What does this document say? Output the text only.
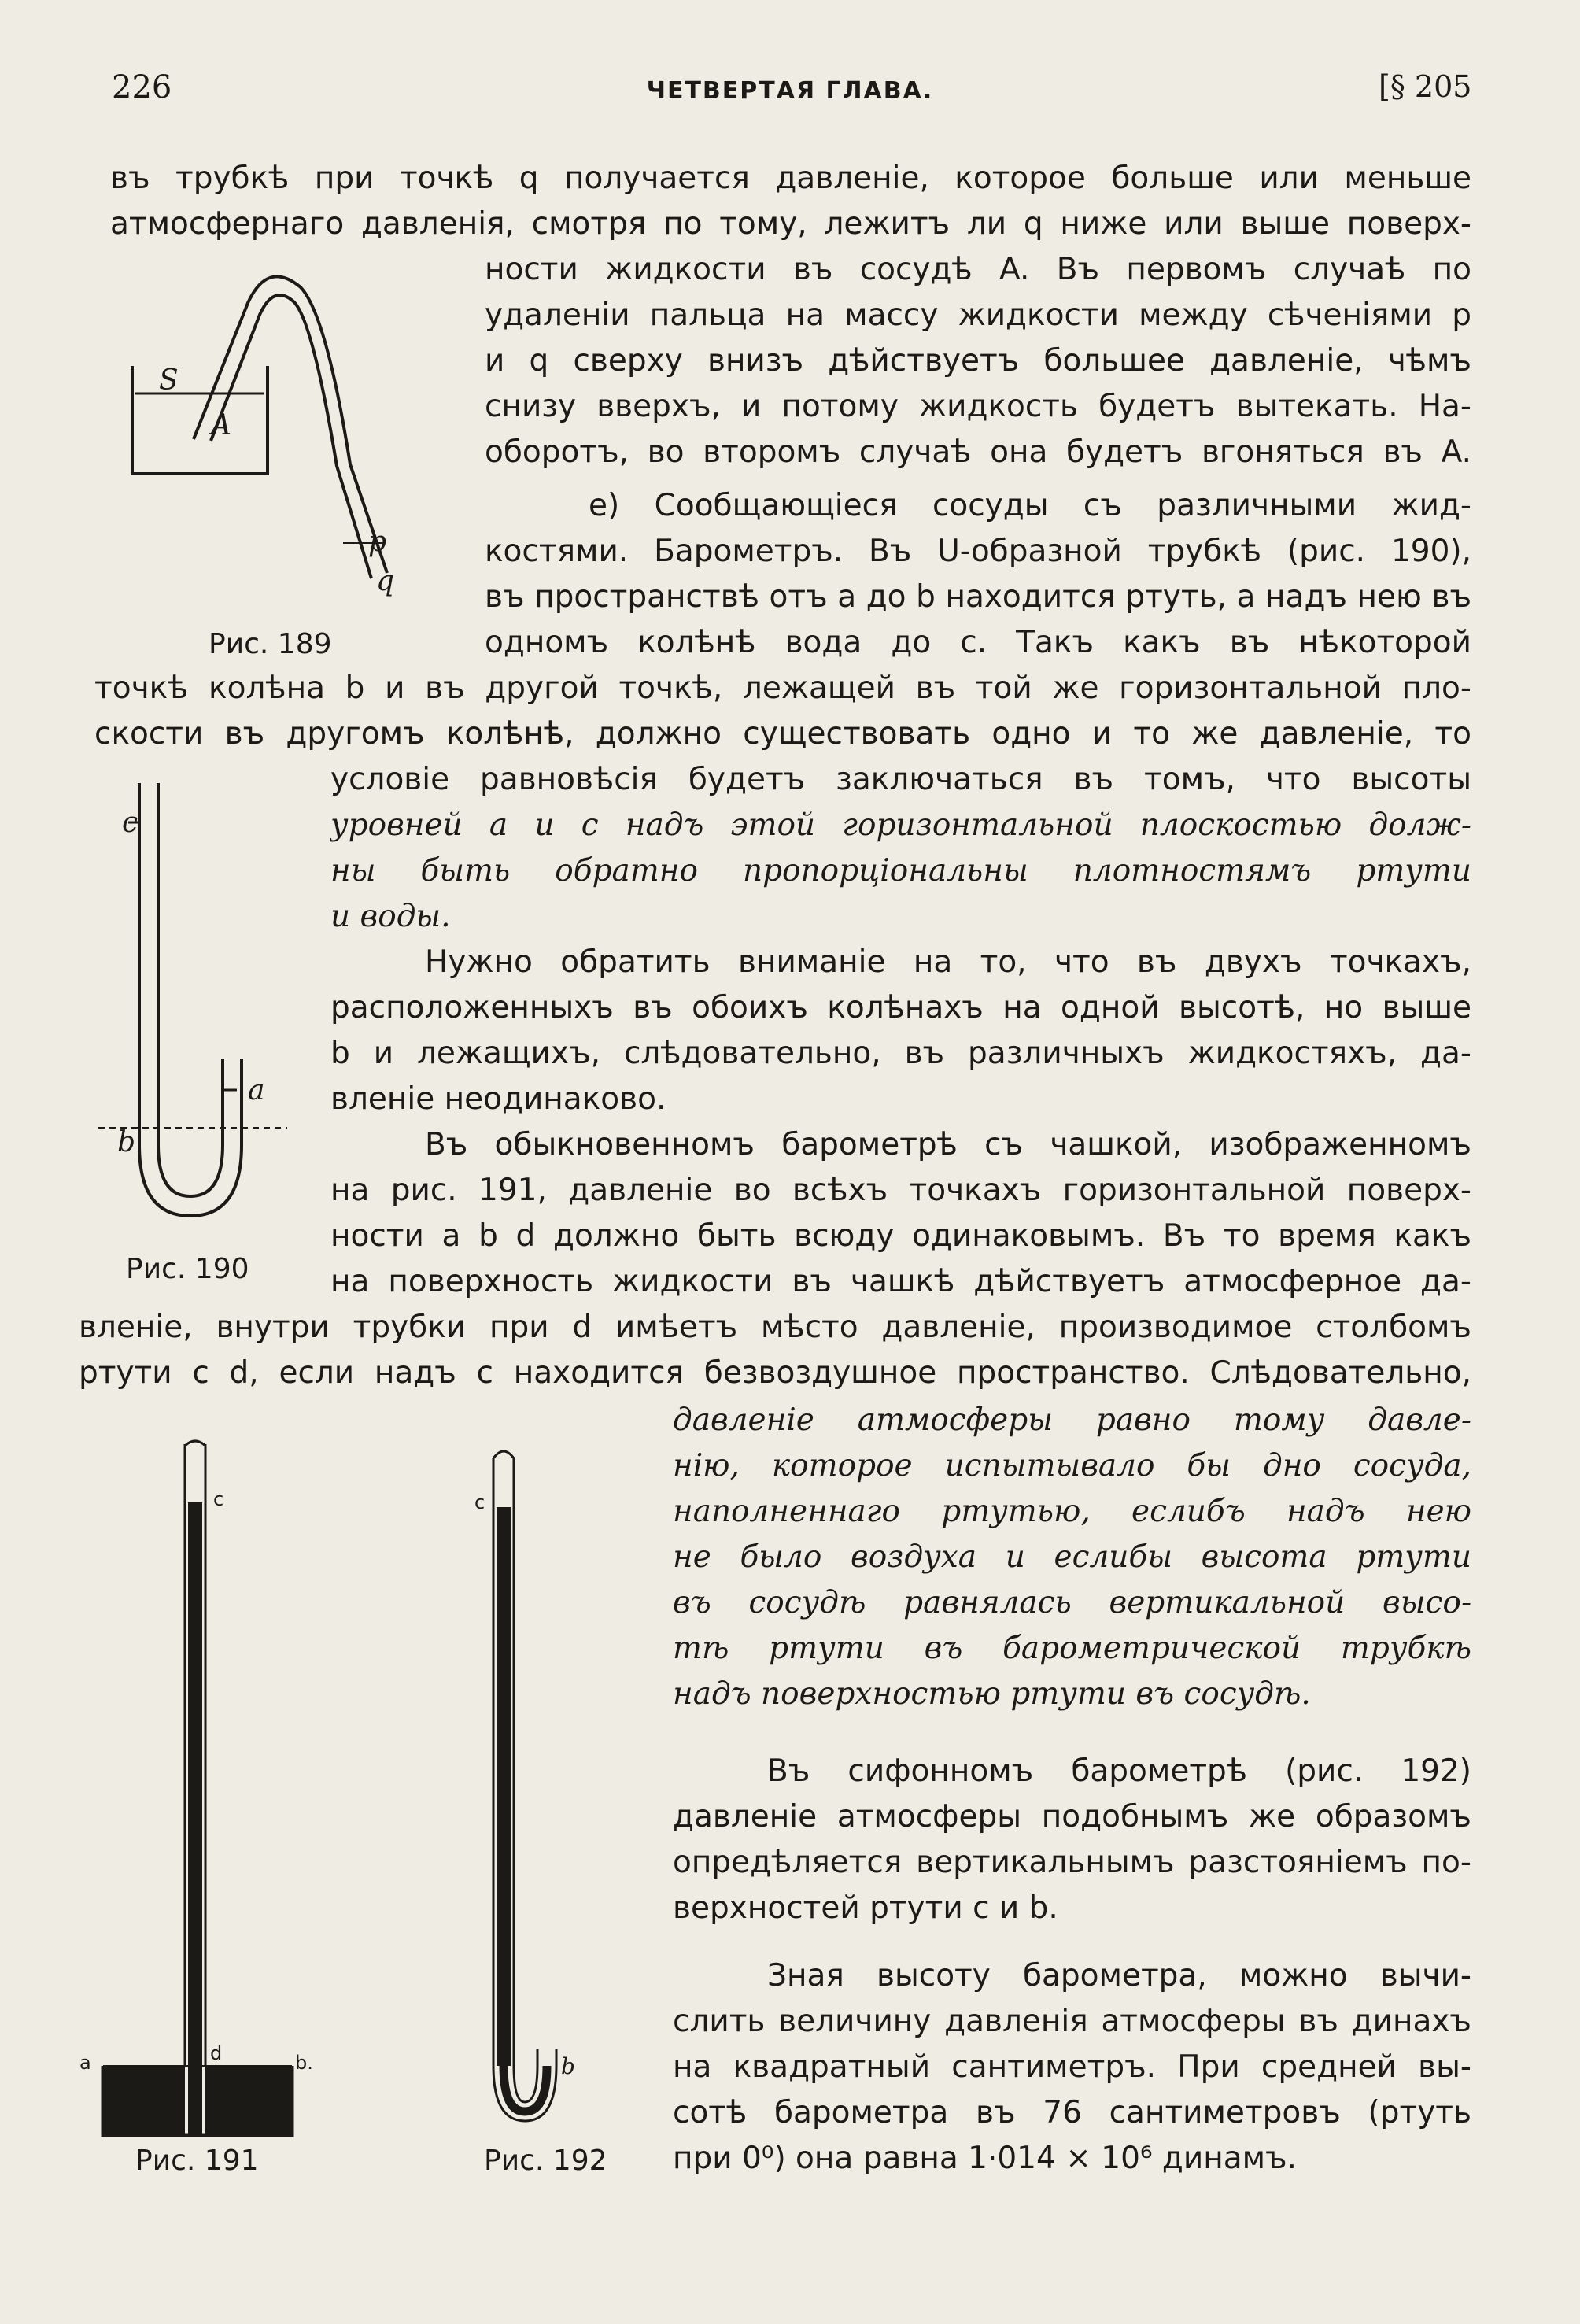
226	ЧЕТВЕРТАЯ ГЛАВА.	[§ 205
въ трубкѣ при точкѣ q получается давленіе, которое больше или меньше
атмосфернаго давленія, смотря по тому, лежитъ ли q ниже или выше поверх-
ности жидкости въ сосудѣ A. Въ первомъ случаѣ по
удаленіи пальца на массу жидкости между сѣченіями p
и q сверху внизъ дѣйствуетъ большее давленіе, чѣмъ
снизу вверхъ, и потому жидкость будетъ вытекать. На-
оборотъ, во второмъ случаѣ она будетъ вгоняться въ A.
е) Сообщающіеся сосуды съ различными жид-
костями. Барометръ. Въ U-образной трубкѣ (рис. 190),
въ пространствѣ отъ a до b находится ртуть, а надъ нею въ
одномъ колѣнѣ вода до c. Такъ какъ въ нѣкоторой
точкѣ колѣна b и въ другой точкѣ, лежащей въ той же горизонтальной пло-
скости въ другомъ колѣнѣ, должно существовать одно и то же давленіе, то
условіе равновѣсія будетъ заключаться въ томъ, что высоты
уровней a и c надъ этой горизонтальной плоскостью долж-
ны быть обратно пропорціональны плотностямъ ртути
и воды.
Нужно обратить вниманіе на то, что въ двухъ точкахъ,
расположенныхъ въ обоихъ колѣнахъ на одной высотѣ, но выше
b и лежащихъ, слѣдовательно, въ различныхъ жидкостяхъ, да-
вленіе неодинаково.
Въ обыкновенномъ барометрѣ съ чашкой, изображенномъ
на рис. 191, давленіе во всѣхъ точкахъ горизонтальной поверх-
ности a b d должно быть всюду одинаковымъ. Въ то время какъ
на поверхность жидкости въ чашкѣ дѣйствуетъ атмосферное да-
вленіе, внутри трубки при d имѣетъ мѣсто давленіе, производимое столбомъ
ртути c d, если надъ c находится безвоздушное пространство. Слѣдовательно,
давленіе атмосферы равно тому давле-
нію, которое испытывало бы дно сосуда,
наполненнаго ртутью, еслибъ надъ нею
не было воздуха и еслибы высота ртути
въ сосудѣ равнялась вертикальной высо-
тѣ ртути въ барометрической трубкѣ
надъ поверхностью ртути въ сосудѣ.
Въ сифонномъ барометрѣ (рис. 192)
давленіе атмосферы подобнымъ же образомъ
опредѣляется вертикальнымъ разстояніемъ по-
верхностей ртути c и b.
Зная высоту барометра, можно вычи-
слить величину давленія атмосферы въ динахъ
на квадратный сантиметръ. При средней вы-
сотѣ барометра въ 76 сантиметровъ (ртуть
при 0⁰) она равна 1·014 × 10⁶ динамъ.
S
A
p
q
Рис. 189
c
a
b
Рис. 190
c
a	d	b.
Рис. 191
c
b
Рис. 192
